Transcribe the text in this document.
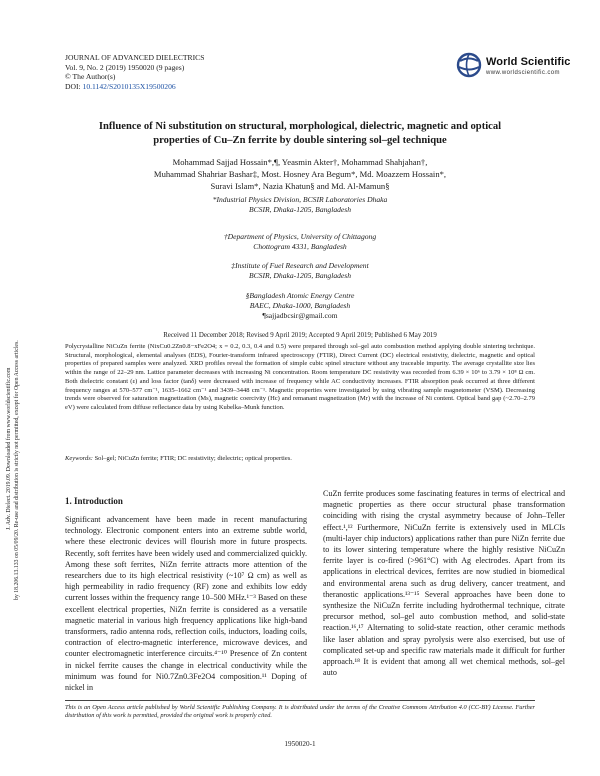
JOURNAL OF ADVANCED DIELECTRICS
Vol. 9, No. 2 (2019) 1950020 (9 pages)
© The Author(s)
DOI: 10.1142/S2010135X19500206
World Scientific
www.worldscientific.com
J. Adv. Dielect. 2019.09. Downloaded from www.worldscientific.com by 18.206.13.133 on 05/09/20. Re-use and distribution is strictly not permitted, except for Open Access articles.
Influence of Ni substitution on structural, morphological, dielectric, magnetic and optical properties of Cu–Zn ferrite by double sintering sol–gel technique
Mohammad Sajjad Hossain*,¶, Yeasmin Akter†, Mohammad Shahjahan†,
Muhammad Shahriar Bashar‡, Most. Hosney Ara Begum*, Md. Moazzem Hossain*,
Suravi Islam*, Nazia Khatun§ and Md. Al-Mamun§
*Industrial Physics Division, BCSIR Laboratories Dhaka
BCSIR, Dhaka-1205, Bangladesh
†Department of Physics, University of Chittagong
Chottogram 4331, Bangladesh
‡Institute of Fuel Research and Development
BCSIR, Dhaka-1205, Bangladesh
§Bangladesh Atomic Energy Centre
BAEC, Dhaka-1000, Bangladesh
¶sajjadbcsir@gmail.com
Received 11 December 2018; Revised 9 April 2019; Accepted 9 April 2019; Published 6 May 2019
Polycrystalline NiCuZn ferrite (NixCu0.2Zn0.8−xFe2O4; x = 0.2, 0.3, 0.4 and 0.5) were prepared through sol–gel auto combustion method applying double sintering technique. Structural, morphological, elemental analyses (EDS), Fourier-transform infrared spectroscopy (FTIR), Direct Current (DC) electrical resistivity, dielectric, magnetic and optical properties of prepared samples were analyzed. XRD profiles reveal the formation of simple cubic spinel structure without any traceable impurity. The average crystallite size lies within the range of 22–29 nm. Lattice parameter decreases with increasing Ni concentration. Room temperature DC resistivity was recorded from 6.39 × 10⁶ to 3.79 × 10⁸ Ω cm. Both dielectric constant (ε) and loss factor (tanδ) were decreased with increase of frequency while AC conductivity increases. FTIR absorption peak occurred at three different frequency ranges at 570–577 cm⁻¹, 1635–1662 cm⁻¹ and 3439–3448 cm⁻¹. Magnetic properties were investigated by using vibrating sample magnetometer (VSM). Decreasing trends were observed for saturation magnetization (Ms), magnetic coercivity (Hc) and remanant magnetization (Mr) with the increase of Ni content. Optical band gap (~2.70–2.79 eV) were calculated from diffuse reflectance data by using Kubelka–Munk function.
Keywords: Sol–gel; NiCuZn ferrite; FTIR; DC resistivity; dielectric; optical properties.
1. Introduction
Significant advancement have been made in recent manufacturing technology. Electronic component enters into an extreme subtle world, where these electronic devices will flourish more in future prospects. Recently, soft ferrites have been widely used and commercialized quickly. Among these soft ferrites, NiZn ferrite attracts more attention of the researchers due to its high electrical resistivity (~10⁷ Ω cm) as well as high permeability in radio frequency (RF) zone and exhibits low eddy current losses within the frequency range 10–500 MHz.¹⁻³ Based on these excellent electrical properties, NiZn ferrite is considered as a versatile magnetic material in various high frequency applications like high-band transformers, radio antenna rods, reflection coils, inductors, loading coils, contraction of electro-magnetic interference, microwave devices, and counter electromagnetic interference circuits.⁴⁻¹⁰ Presence of Zn content in nickel ferrite causes the change in electrical conductivity while the minimum was found for Ni0.7Zn0.3Fe2O4 composition.¹¹ Doping of nickel in
CuZn ferrite produces some fascinating features in terms of electrical and magnetic properties as there occur structural phase transformation coinciding with rising the crystal asymmetry because of John–Teller effect.¹,¹² Furthermore, NiCuZn ferrite is extensively used in MLCIs (multi-layer chip inductors) applications rather than pure NiZn ferrite due to its lower sintering temperature where the highly resistive NiCuZn ferrite layer is co-fired (>961°C) with Ag electrodes. Apart from its applications in electrical devices, ferrites are now studied in biomedical and environmental arena such as drug delivery, cancer treatment, and theranostic applications.¹³⁻¹⁵ Several approaches have been done to synthesize the NiCuZn ferrite including hydrothermal technique, citrate precursor method, sol–gel auto combustion method, and solid-state reaction.¹⁶,¹⁷ Alternating to solid-state reaction, other ceramic methods like laser ablation and spray pyrolysis were also exercised, but use of complicated set-up and specific raw materials made it difficult for further approach.¹⁸ It is evident that among all wet chemical methods, sol–gel auto
This is an Open Access article published by World Scientific Publishing Company. It is distributed under the terms of the Creative Commons Attribution 4.0 (CC-BY) License. Further distribution of this work is permitted, provided the original work is properly cited.
1950020-1
